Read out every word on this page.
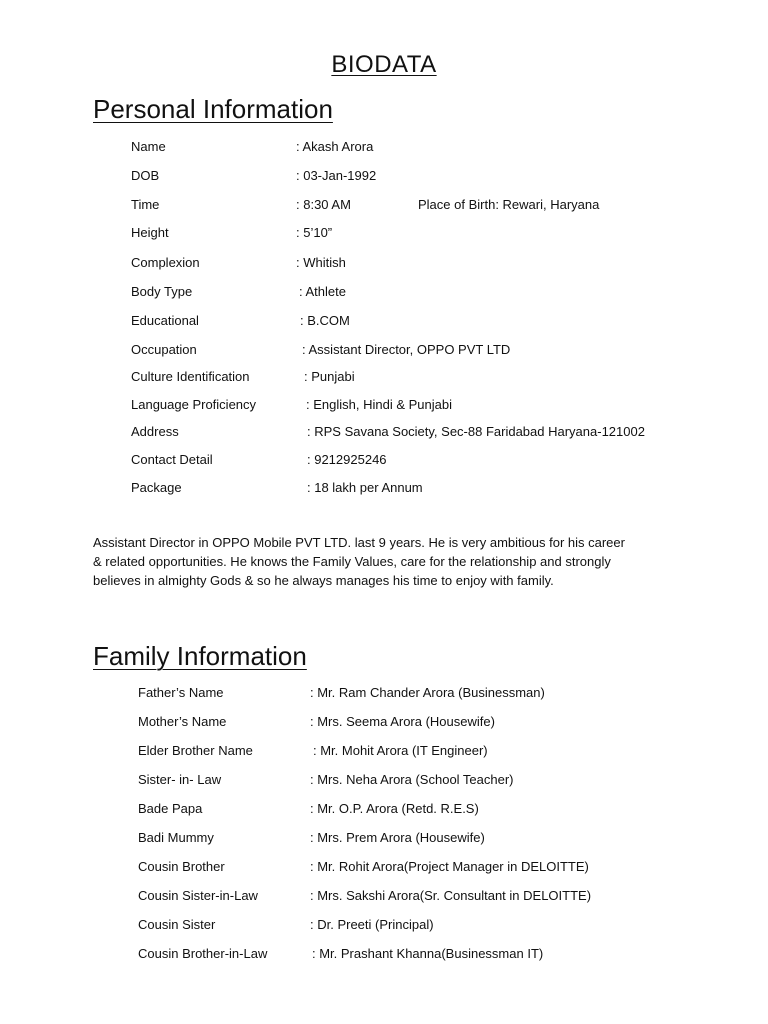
BIODATA
Personal Information
Name	: Akash Arora
DOB	: 03-Jan-1992
Time	: 8:30 AM	Place of Birth: Rewari, Haryana
Height	: 5’10”
Complexion	: Whitish
Body Type	: Athlete
Educational	: B.COM
Occupation	: Assistant Director, OPPO PVT LTD
Culture Identification	: Punjabi
Language Proficiency	: English, Hindi & Punjabi
Address	: RPS Savana Society, Sec-88 Faridabad Haryana-121002
Contact Detail	: 9212925246
Package	: 18 lakh per Annum
Assistant Director in OPPO Mobile PVT LTD. last 9 years. He is very ambitious for his career
& related opportunities. He knows the Family Values, care for the relationship and strongly
believes in almighty Gods & so he always manages his time to enjoy with family.
Family Information
Father’s Name	: Mr. Ram Chander Arora (Businessman)
Mother’s Name	: Mrs. Seema Arora (Housewife)
Elder Brother Name	: Mr. Mohit Arora (IT Engineer)
Sister- in- Law	: Mrs. Neha Arora (School Teacher)
Bade Papa	: Mr. O.P. Arora (Retd. R.E.S)
Badi Mummy	: Mrs. Prem Arora (Housewife)
Cousin Brother	: Mr. Rohit Arora(Project Manager in DELOITTE)
Cousin Sister-in-Law	: Mrs. Sakshi Arora(Sr. Consultant in DELOITTE)
Cousin Sister	: Dr. Preeti (Principal)
Cousin Brother-in-Law	: Mr. Prashant Khanna(Businessman IT)
